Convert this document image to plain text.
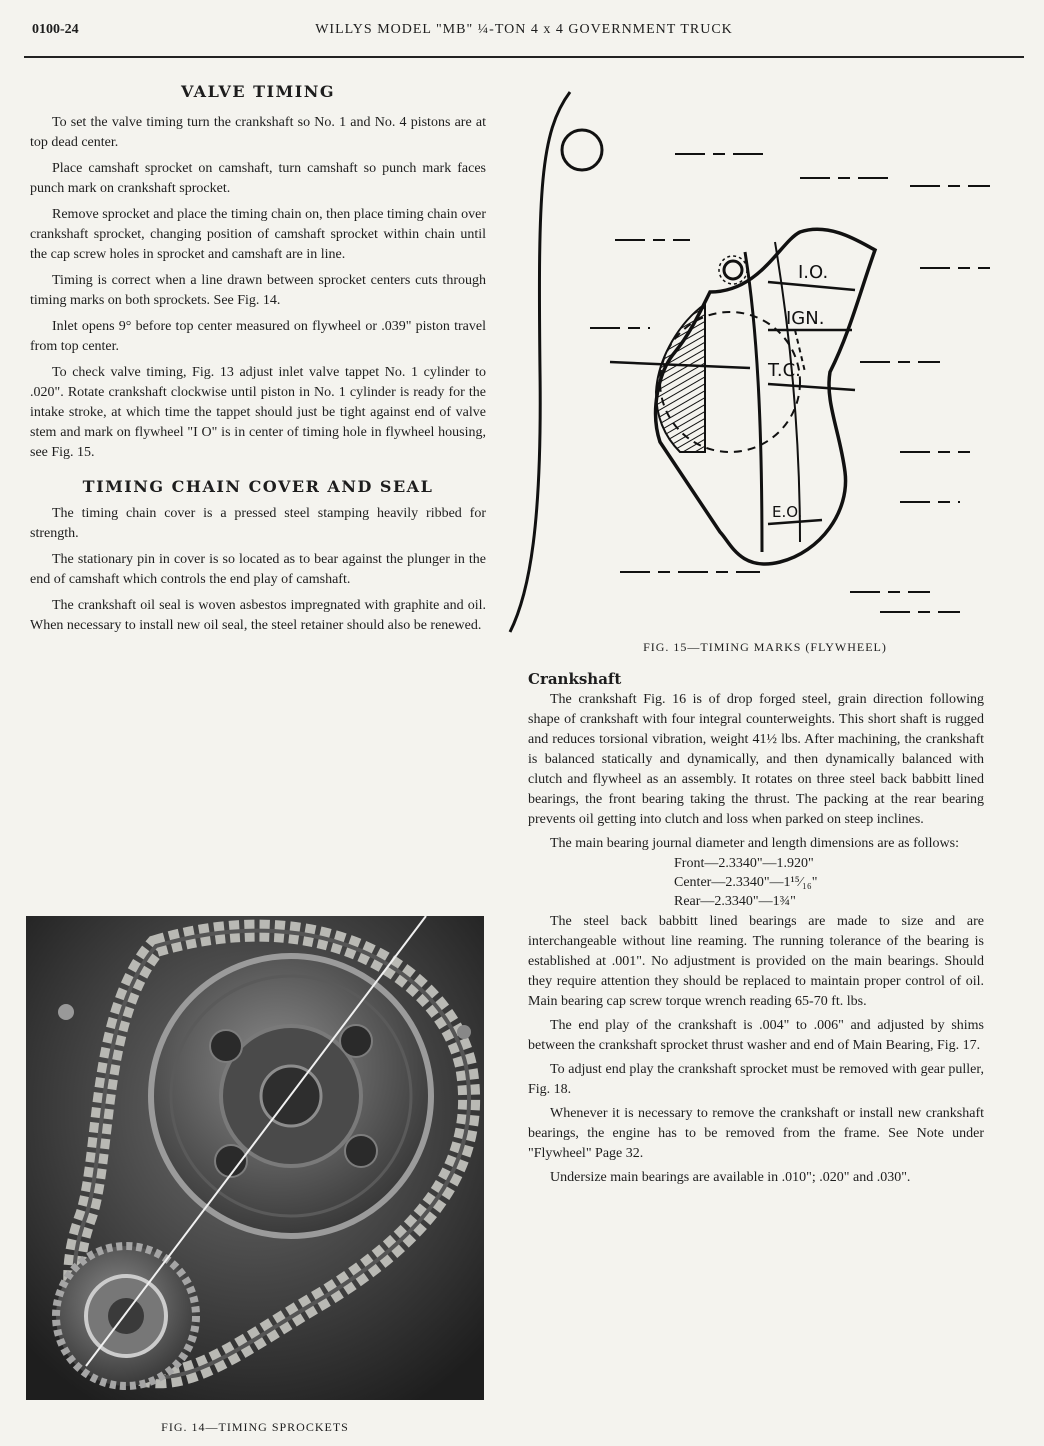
0100-24	WILLYS MODEL "MB" ¼-TON 4 x 4 GOVERNMENT TRUCK
VALVE TIMING

To set the valve timing turn the crankshaft so No. 1 and No. 4 pistons are at top dead center.

Place camshaft sprocket on camshaft, turn camshaft so punch mark faces punch mark on crankshaft sprocket.

Remove sprocket and place the timing chain on, then place timing chain over crankshaft sprocket, changing position of camshaft sprocket within chain until the cap screw holes in sprocket and camshaft are in line.

Timing is correct when a line drawn between sprocket centers cuts through timing marks on both sprockets. See Fig. 14.

Inlet opens 9° before top center measured on flywheel or .039" piston travel from top center.

To check valve timing, Fig. 13 adjust inlet valve tappet No. 1 cylinder to .020". Rotate crankshaft clockwise until piston in No. 1 cylinder is ready for the intake stroke, at which time the tappet should just be tight against end of valve stem and mark on flywheel "I O" is in center of timing hole in flywheel housing, see Fig. 15.

TIMING CHAIN COVER AND SEAL

The timing chain cover is a pressed steel stamping heavily ribbed for strength.

The stationary pin in cover is so located as to bear against the plunger in the end of camshaft which controls the end play of camshaft.

The crankshaft oil seal is woven asbestos impregnated with graphite and oil. When necessary to install new oil seal, the steel retainer should also be renewed.

I.O.
IGN.
T.C.
E.O.
FIG. 15—TIMING MARKS (FLYWHEEL)
Crankshaft

The crankshaft Fig. 16 is of drop forged steel, grain direction following shape of crankshaft with four integral counterweights. This short shaft is rugged and reduces torsional vibration, weight 41½ lbs. After machining, the crankshaft is balanced statically and dynamically, and then dynamically balanced with clutch and flywheel as an assembly. It rotates on three steel back babbitt lined bearings, the front bearing taking the thrust. The packing at the rear bearing prevents oil getting into clutch and loss when parked on steep inclines.

The main bearing journal diameter and length dimensions are as follows:

Front—2.3340"—1.920"
Center—2.3340"—1¹⁵⁄₁₆"
Rear—2.3340"—1¾"

The steel back babbitt lined bearings are made to size and are interchangeable without line reaming. The running tolerance of the bearing is established at .001". No adjustment is provided on the main bearings. Should they require attention they should be replaced to maintain proper control of oil. Main bearing cap screw torque wrench reading 65-70 ft. lbs.

The end play of the crankshaft is .004" to .006" and adjusted by shims between the crankshaft sprocket thrust washer and end of Main Bearing, Fig. 17.

To adjust end play the crankshaft sprocket must be removed with gear puller, Fig. 18.

Whenever it is necessary to remove the crankshaft or install new crankshaft bearings, the engine has to be removed from the frame. See Note under "Flywheel" Page 32.

Undersize main bearings are available in .010"; .020" and .030".

FIG. 14—TIMING SPROCKETS
